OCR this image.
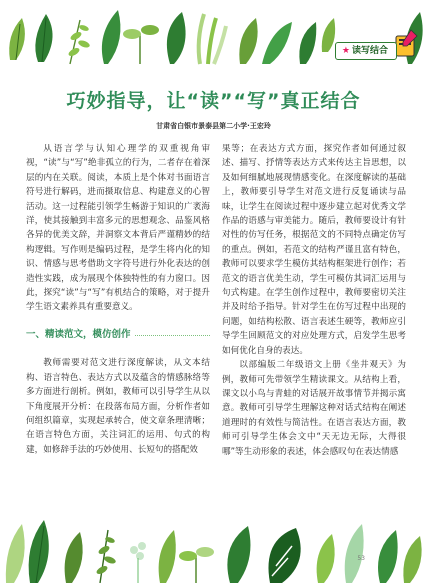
★ 读写结合
巧妙指导，让“读”“写”真正结合
甘肃省白银市景泰县第二小学·王宏玲

从语言学与认知心理学的双重视角审视，“读”与“写”绝非孤立的行为，二者存在着深层的内在关联。阅读，本质上是个体对书面语言符号进行解码，进而摄取信息、构建意义的心智活动。这一过程能引领学生畅游于知识的广袤海洋，使其接触到丰富多元的思想观念、品鉴风格各异的优美文辞，并洞察文本背后严谨精妙的结构逻辑。写作则是编码过程，是学生将内化的知识、情感与思考借助文字符号进行外化表达的创造性实践，成为展现个体独特性的有力窗口。因此，探究“读”与“写”有机结合的策略，对于提升学生语文素养具有重要意义。

一、精读范文，模仿创作

教师需要对范文进行深度解读，从文本结构、语言特色、表达方式以及蕴含的情感脉络等多方面进行剖析。例如，教师可以引导学生从以下角度展开分析：在段落布局方面，分析作者如何组织篇章，实现起承转合，使文章条理清晰；在语言特色方面，关注词汇的运用、句式的构建，如修辞手法的巧妙使用、长短句的搭配效

果等；在表达方式方面，探究作者如何通过叙述、描写、抒情等表达方式来传达主旨思想，以及如何细腻地展现情感变化。在深度解读的基础上，教师要引导学生对范文进行反复诵读与品味，让学生在阅读过程中逐步建立起对优秀文学作品的语感与审美能力。随后，教师要设计有针对性的仿写任务，根据范文的不同特点确定仿写的重点。例如，若范文的结构严谨且富有特色，教师可以要求学生模仿其结构框架进行创作；若范文的语言优美生动，学生可模仿其词汇运用与句式构建。在学生创作过程中，教师要密切关注并及时给予指导。针对学生在仿写过程中出现的问题，如结构松散、语言表述生硬等，教师应引导学生回顾范文的对应处理方式，启发学生思考如何优化自身的表达。

以部编版二年级语文上册《坐井观天》为例，教师可先带领学生精读课文。从结构上看，课文以小鸟与青蛙的对话展开故事情节并揭示寓意。教师可引导学生理解这种对话式结构在阐述道理时的有效性与简洁性。在语言表达方面，教师可引导学生体会文中“天无边无际，大得很哪”等生动形象的表述，体会感叹句在表达情感

53
